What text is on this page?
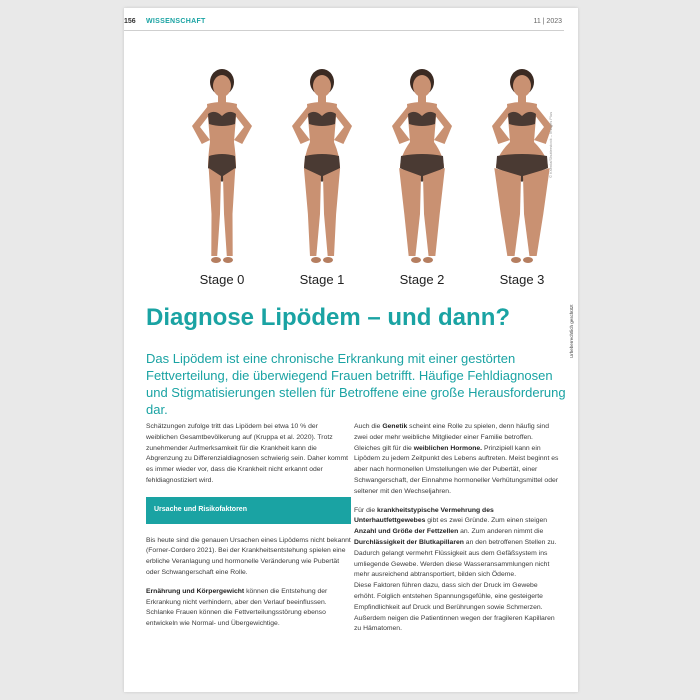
156 WISSENSCHAFT	11 | 2023
Stage 0	Stage 1	Stage 2	Stage 3
© Ksenia/Shutterstock – Images Plus
Urheberrechtlich geschützt
Diagnose Lipödem – und dann?
Das Lipödem ist eine chronische Erkrankung mit einer gestörten Fettverteilung, die überwiegend Frauen betrifft. Häufige Fehldiagnosen und Stigmatisierungen stellen für Betroffene eine große Herausforderung dar.

Schätzungen zufolge tritt das Lipödem bei etwa 10 % der weiblichen Gesamtbevölkerung auf (Kruppa et al. 2020). Trotz zunehmender Aufmerksamkeit für die Krankheit kann die Abgrenzung zu Differenzialdiagnosen schwierig sein. Daher kommt es immer wieder vor, dass die Krankheit nicht erkannt oder fehldiagnostiziert wird.

Ursache und Risikofaktoren

Bis heute sind die genauen Ursachen eines Lipödems nicht bekannt (Forner-Cordero 2021). Bei der Krankheitsentstehung spielen eine erbliche Veranlagung und hormonelle Veränderung wie Pubertät oder Schwangerschaft eine Rolle.

Ernährung und Körpergewicht können die Entstehung der Erkrankung nicht verhindern, aber den Verlauf beeinflussen. Schlanke Frauen können die Fettverteilungsstörung ebenso entwickeln wie Normal- und Übergewichtige.

Auch die Genetik scheint eine Rolle zu spielen, denn häufig sind zwei oder mehr weibliche Mitglieder einer Familie betroffen. Gleiches gilt für die weiblichen Hormone. Prinzipiell kann ein Lipödem zu jedem Zeitpunkt des Lebens auftreten. Meist beginnt es aber nach hormonellen Umstellungen wie der Pubertät, einer Schwangerschaft, der Einnahme hormoneller Verhütungsmittel oder seltener mit den Wechseljahren.

Für die krankheitstypische Vermehrung des Unterhautfettgewebes gibt es zwei Gründe. Zum einen steigen Anzahl und Größe der Fettzellen an. Zum anderen nimmt die Durchlässigkeit der Blutkapillaren an den betroffenen Stellen zu. Dadurch gelangt vermehrt Flüssigkeit aus dem Gefäßsystem ins umliegende Gewebe. Werden diese Wasseransammlungen nicht mehr ausreichend abtransportiert, bilden sich Ödeme.

Diese Faktoren führen dazu, dass sich der Druck im Gewebe erhöht. Folglich entstehen Spannungsgefühle, eine gesteigerte Empfindlichkeit auf Druck und Berührungen sowie Schmerzen. Außerdem neigen die Patientinnen wegen der fragileren Kapillaren zu Hämatomen.
